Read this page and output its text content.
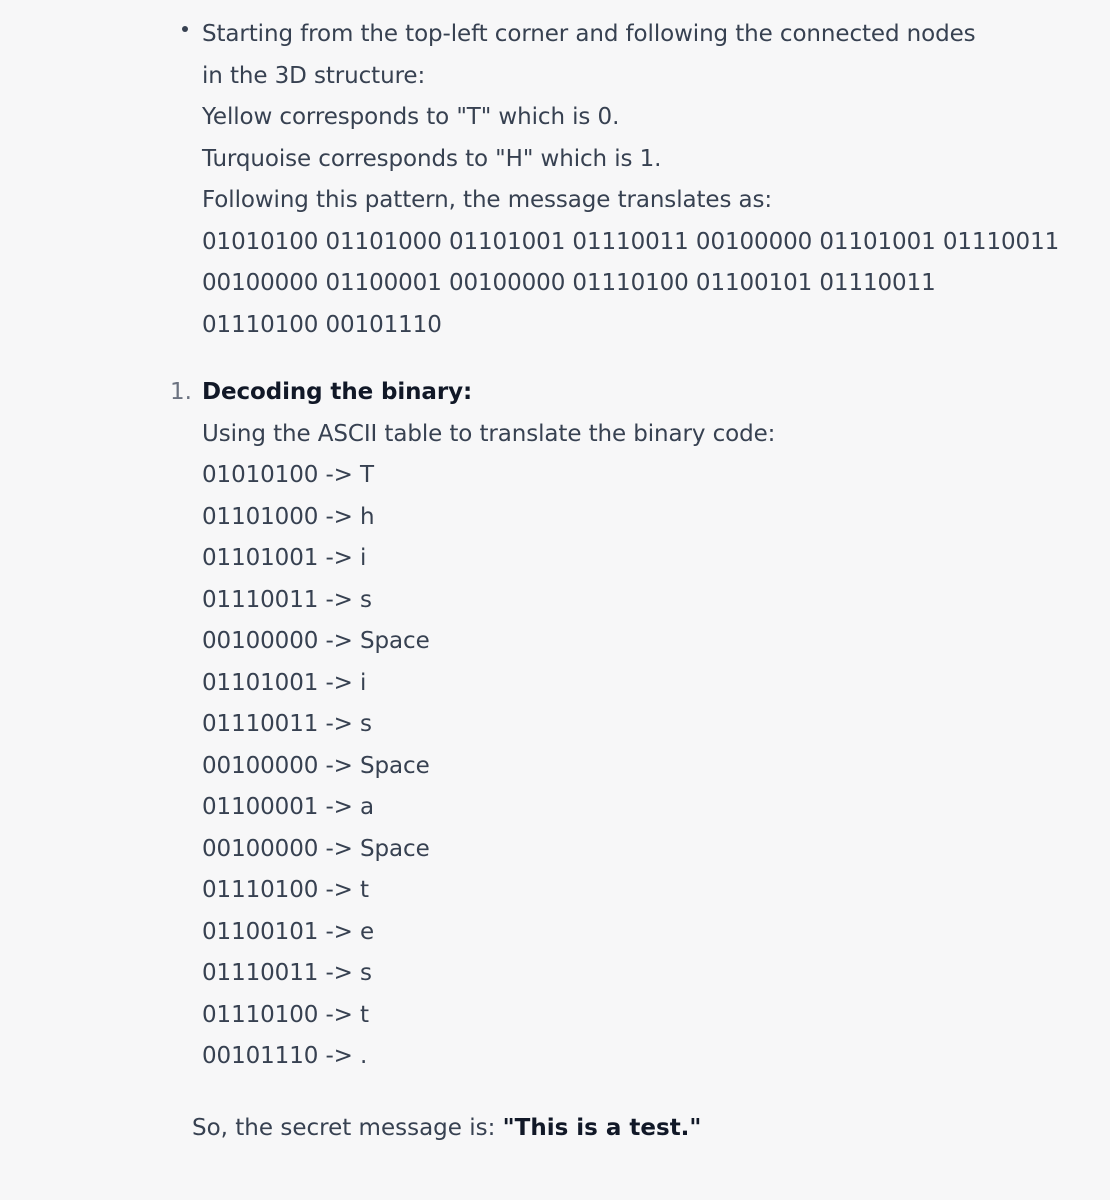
Starting from the top-left corner and following the connected nodes
in the 3D structure:
Yellow corresponds to "T" which is 0.
Turquoise corresponds to "H" which is 1.
Following this pattern, the message translates as:
01010100 01101000 01101001 01110011 00100000 01101001 01110011
00100000 01100001 00100000 01110100 01100101 01110011
01110100 00101110
1. Decoding the binary:
Using the ASCII table to translate the binary code:
01010100 -> T
01101000 -> h
01101001 -> i
01110011 -> s
00100000 -> Space
01101001 -> i
01110011 -> s
00100000 -> Space
01100001 -> a
00100000 -> Space
01110100 -> t
01100101 -> e
01110011 -> s
01110100 -> t
00101110 -> .
So, the secret message is: "This is a test."
